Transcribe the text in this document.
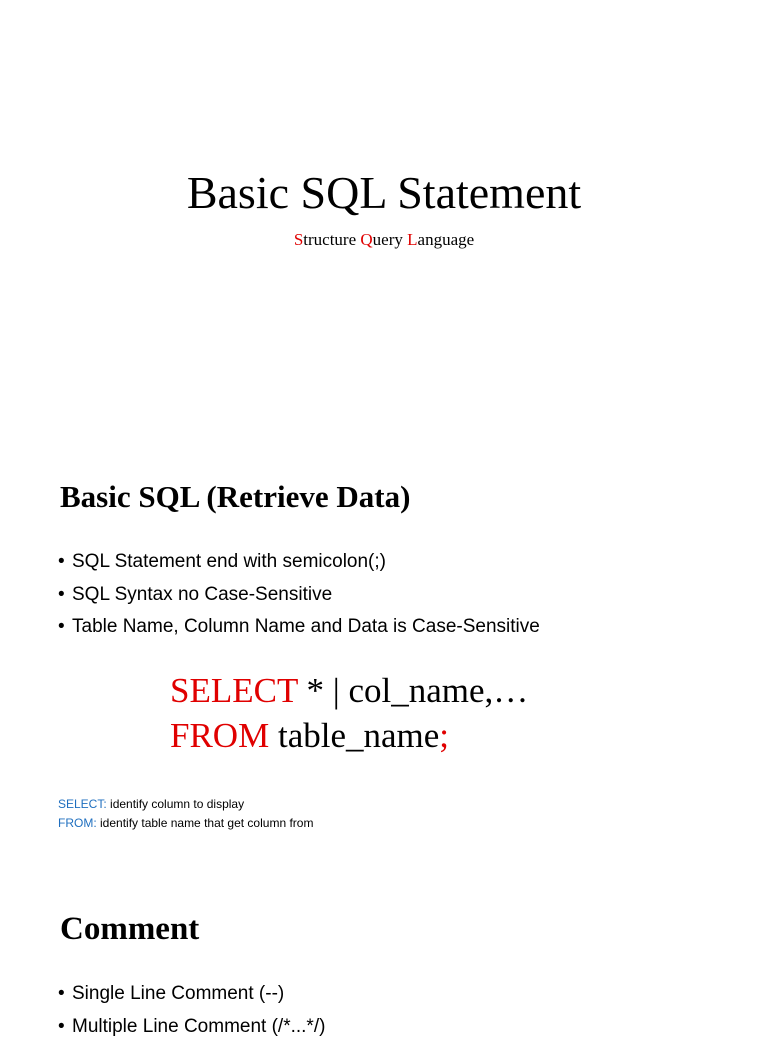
Basic SQL Statement
Structure Query Language
Basic SQL (Retrieve Data)
• SQL Statement end with semicolon(;)
• SQL Syntax no Case-Sensitive
• Table Name, Column Name and Data is Case-Sensitive
SELECT * | col_name,…
FROM table_name;
SELECT: identify column to display
FROM: identify table name that get column from
Comment
• Single Line Comment (--)
• Multiple Line Comment (/*...*/)
